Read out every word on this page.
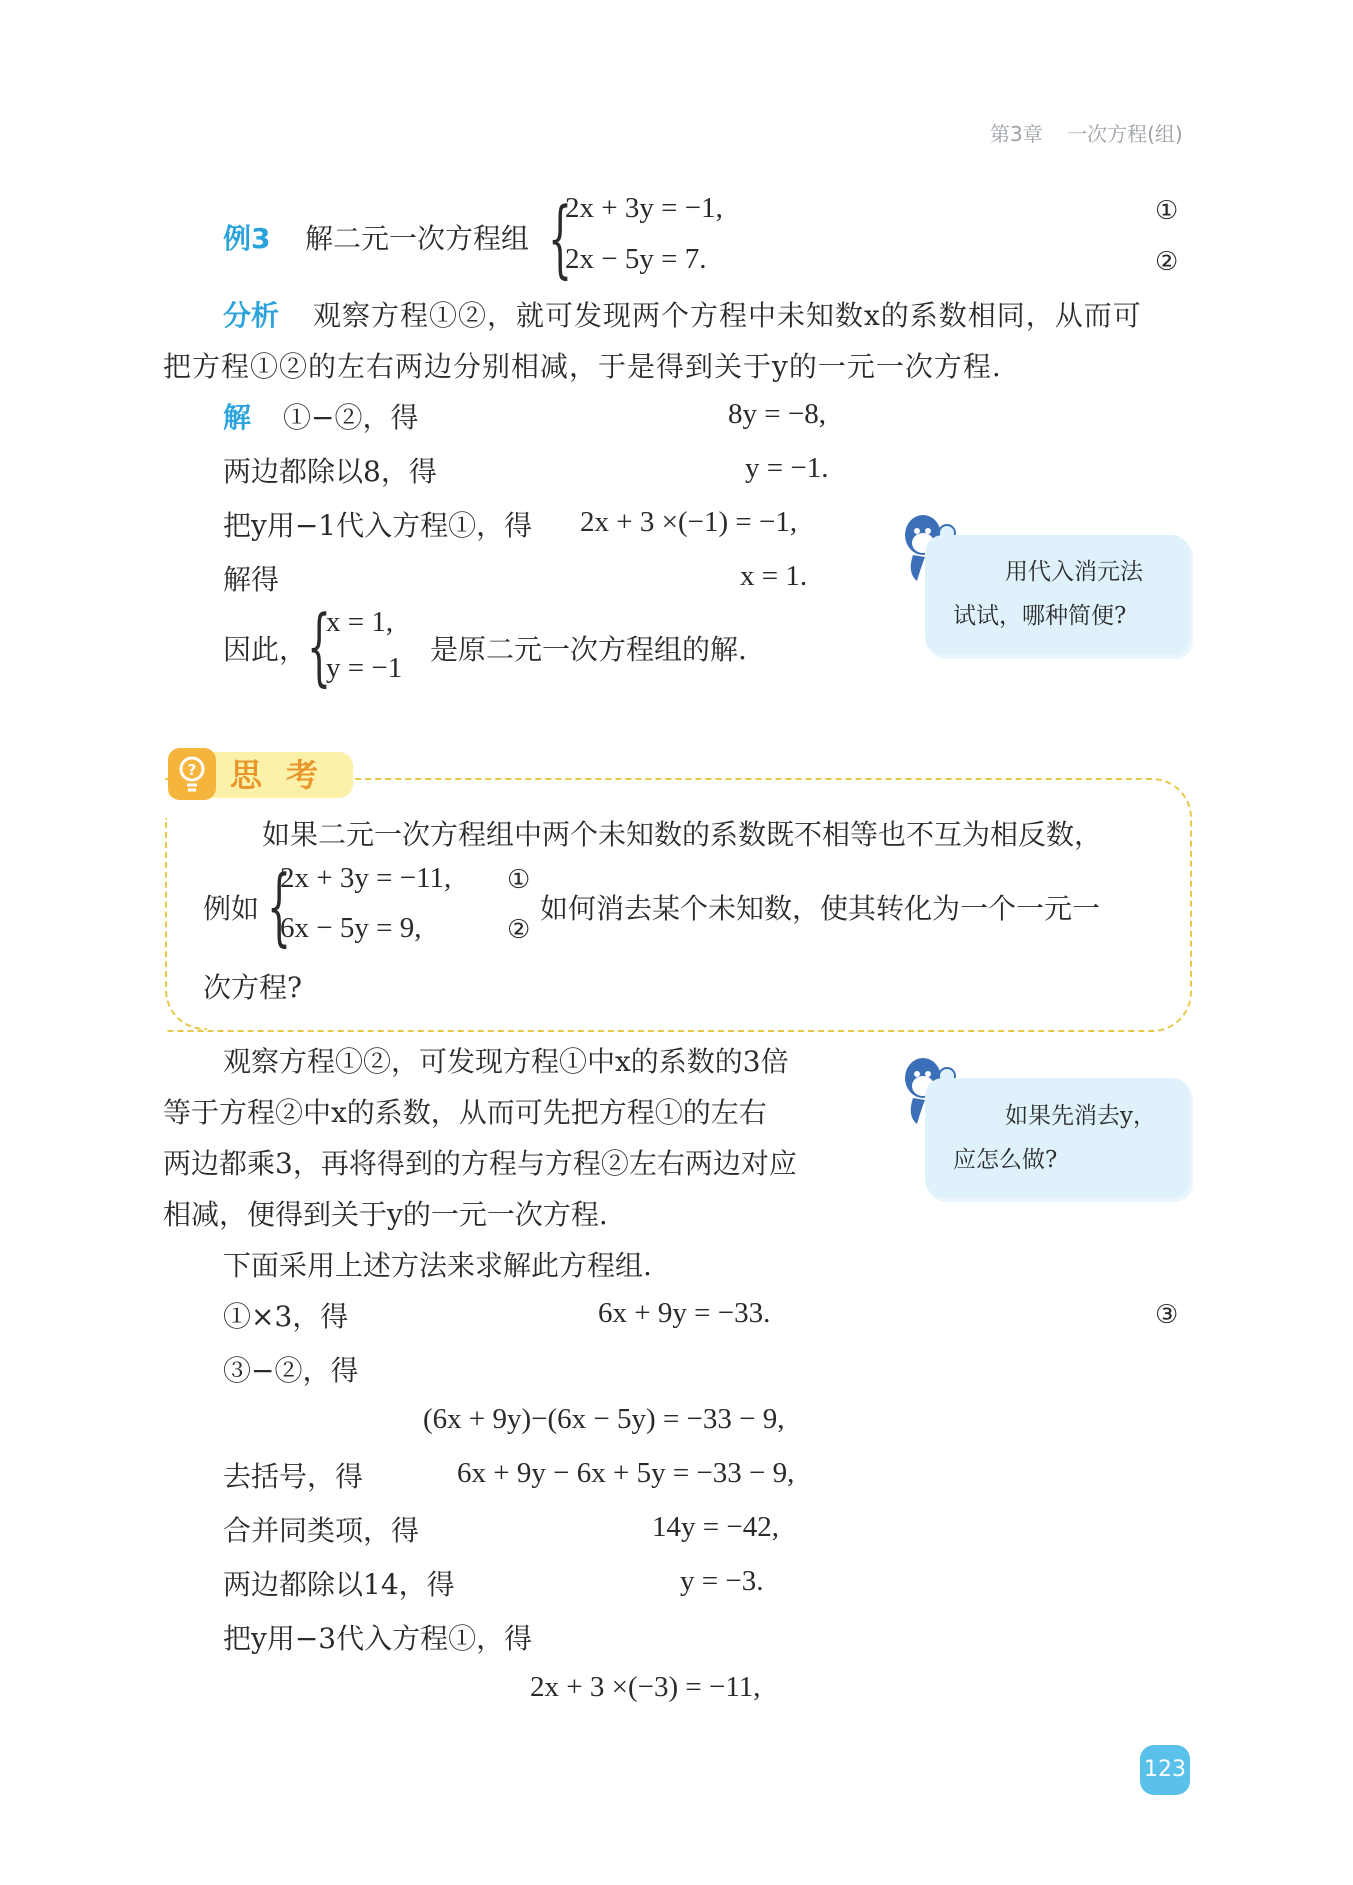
第3章 一次方程(组)
例3 解二元一次方程组 {
2x + 3y = −1,
2x − 5y = 7.
①
②
分析 观察方程①②，就可发现两个方程中未知数x的系数相同，从而可
把方程①②的左右两边分别相减，于是得到关于y的一元一次方程.
解 ①−②，得	8y = −8,
两边都除以8，得	y = −1.
把y用−1代入方程①，得 2x + 3 ×(−1) = −1,
解得	x = 1.
因此， {
x = 1,
y = −1
是原二元一次方程组的解.
用代入消元法
试试，哪种简便?
? 思考
如果二元一次方程组中两个未知数的系数既不相等也不互为相反数，
例如 {
2x + 3y = −11,
6x − 5y = 9,
①
②
如何消去某个未知数，使其转化为一个一元一
次方程?
观察方程①②，可发现方程①中x的系数的3倍
等于方程②中x的系数，从而可先把方程①的左右
两边都乘3，再将得到的方程与方程②左右两边对应
相减，便得到关于y的一元一次方程.
下面采用上述方法来求解此方程组.
如果先消去y，
应怎么做?
①×3，得	6x + 9y = −33.	③
③−②，得
(6x + 9y)−(6x − 5y) = −33 − 9,
去括号，得	6x + 9y − 6x + 5y = −33 − 9,
合并同类项，得	14y = −42,
两边都除以14，得	y = −3.
把y用−3代入方程①，得
2x + 3 ×(−3) = −11,
123
